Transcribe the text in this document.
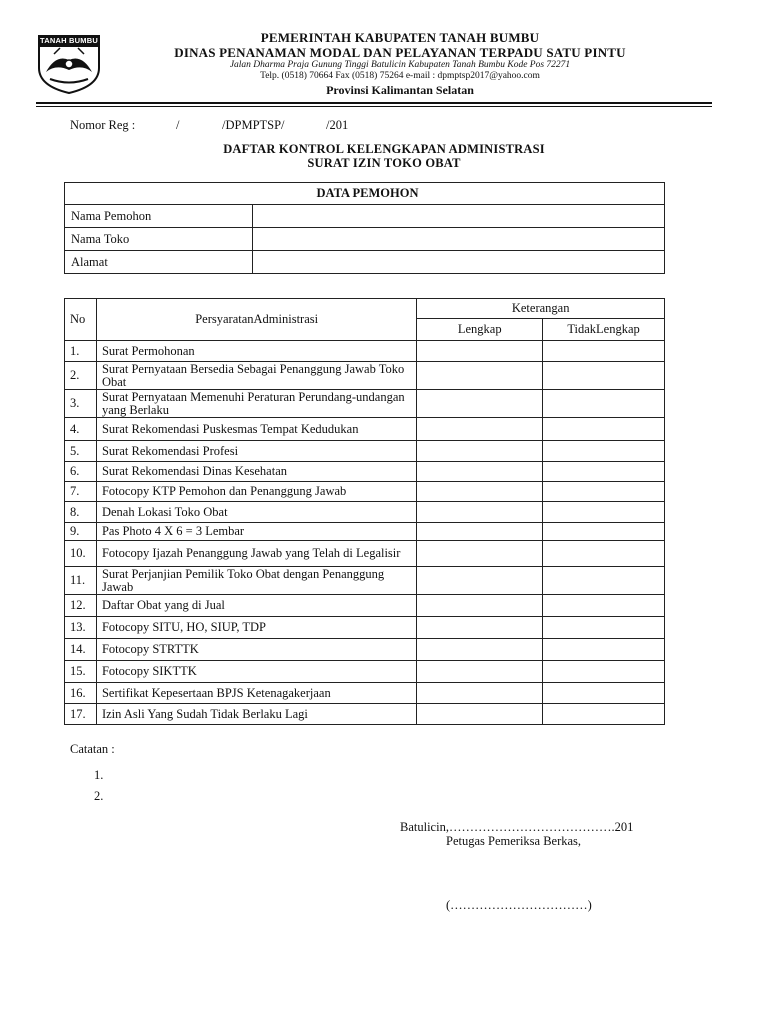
TANAH BUMBU	PEMERINTAH KABUPATEN TANAH BUMBU
DINAS PENANAMAN MODAL DAN PELAYANAN TERPADU SATU PINTU
Jalan Dharma Praja Gunung Tinggi Batulicin Kabupaten Tanah Bumbu Kode Pos 72271
Telp. (0518) 70664 Fax (0518) 75264 e-mail : dpmptsp2017@yahoo.com
Provinsi Kalimantan Selatan
Nomor Reg :	/	/DPMPTSP/	/201
DAFTAR KONTROL KELENGKAPAN ADMINISTRASI
SURAT IZIN TOKO OBAT
DATA PEMOHON	
Nama Pemohon	
Nama Toko	
Alamat	
No	PersyaratanAdministrasi	Keterangan	
		Lengkap	TidakLengkap
1.	Surat Permohonan		
2.	Surat Pernyataan Bersedia Sebagai Penanggung Jawab Toko Obat		
3.	Surat Pernyataan Memenuhi Peraturan Perundang-undangan yang Berlaku		
4.	Surat Rekomendasi Puskesmas Tempat Kedudukan		
5.	Surat Rekomendasi Profesi		
6.	Surat Rekomendasi Dinas Kesehatan		
7.	Fotocopy KTP Pemohon dan Penanggung Jawab		
8.	Denah Lokasi Toko Obat		
9.	Pas Photo 4 X 6 = 3 Lembar		
10.	Fotocopy Ijazah Penanggung Jawab yang Telah di Legalisir		
11.	Surat Perjanjian Pemilik Toko Obat dengan Penanggung Jawab		
12.	Daftar Obat yang di Jual		
13.	Fotocopy SITU, HO, SIUP, TDP		
14.	Fotocopy STRTTK		
15.	Fotocopy SIKTTK		
16.	Sertifikat Kepesertaan BPJS Ketenagakerjaan		
17.	Izin Asli Yang Sudah Tidak Berlaku Lagi		
Catatan :
1.
2.
Batulicin,………………………………….201
Petugas Pemeriksa Berkas,
(……………………………)
